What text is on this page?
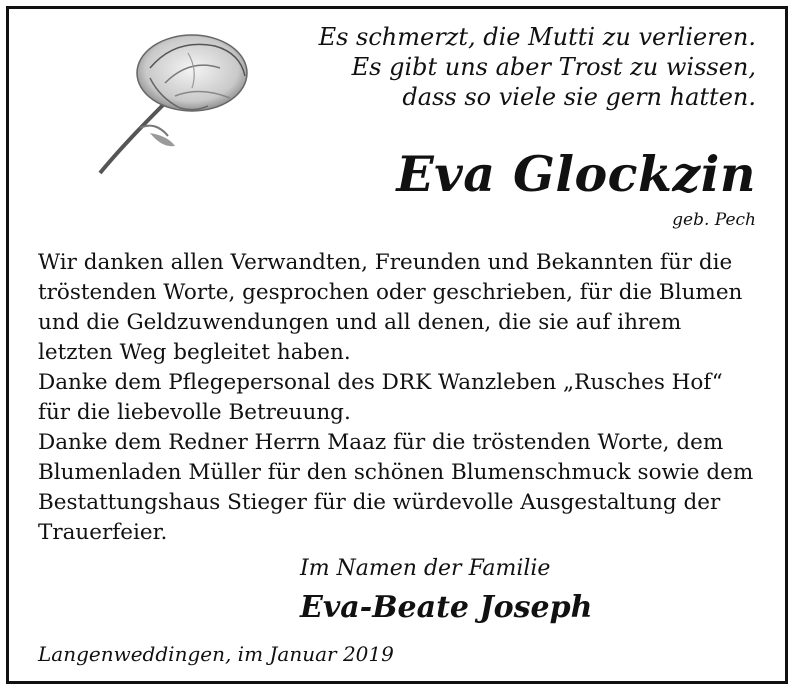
Es schmerzt, die Mutti zu verlieren.
Es gibt uns aber Trost zu wissen,
dass so viele sie gern hatten.
Eva Glockzin
geb. Pech

Wir danken allen Verwandten, Freunden und Bekannten für die tröstenden Worte, gesprochen oder geschrieben, für die Blumen und die Geldzuwendungen und all denen, die sie auf ihrem letzten Weg begleitet haben.

Danke dem Pflegepersonal des DRK Wanzleben „Rusches Hof“ für die liebevolle Betreuung.

Danke dem Redner Herrn Maaz für die tröstenden Worte, dem Blumenladen Müller für den schönen Blumenschmuck sowie dem Bestattungshaus Stieger für die würdevolle Ausgestaltung der Trauerfeier.

Im Namen der Familie
Eva-Beate Joseph
Langenweddingen, im Januar 2019
